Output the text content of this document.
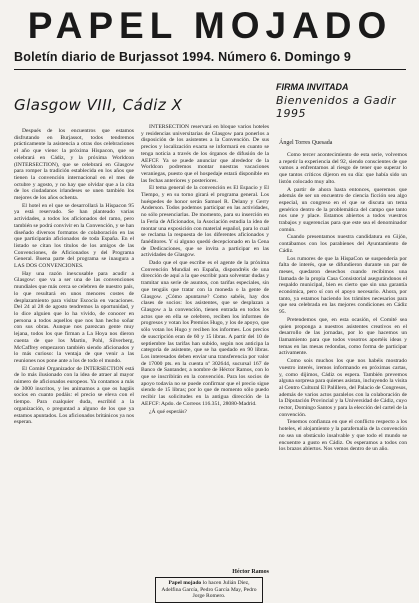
PAPEL MOJADO
Boletín diario de Burjassot 1994. Número 6. Domingo 9
Glasgow VIII, Cádiz X
FIRMA INVITADA
Bienvenidos a Gadir 1995
Ángel Torres Quesada

Después de los encuentros que estamos disfrutando en Burjassot, todos tendremos prácticamente la asistencia a otras dos celebraciones el año que viene: la próxima Hispacon, que se celebrará en Cádiz, y la próxima Worldcon (INTERSECTION), que se celebrará en Glasgow para romper la tradición establecida en los años que tienen la convención internacional en el mes de octubre y agosto, y no hay que olvidar que a la cita de los ciudadanos irlandeses se unen también los mejores de los años ochenta.

El hotel en el que se desarrollará la Hispacon 95 ya está reservado. Se han planteado varias actividades, a todos los aficionados del ramo, pero también se podrá convivir en la Convención, y se han diseñado diversos formatos de colaboración en las que participarán aficionados de toda España. En el listado se citan los títulos de los amigos de las Convenciones, de Aficionados y del Programa General. Buena parte del programa se inaugura a LAS DOS CONVENCIONES.

Hay una razón inexcusable para acudir a Glasgow: que va a ser una de las convenciones mundiales que más cerca se celebren de nuestro país, lo que resultará en unos menores costes de desplazamiento para visitar Escocia en vacaciones. Del 24 al 28 de agosto tendremos la oportunidad, y lo dice alguien que lo ha vivido, de conocer en persona a todos aquellos que nos han hecho soñar con sus obras. Aunque nos parezcan gente muy lejana, todos los que firman a La Hoya nos dieron cuenta de que los Martin, Pohl, Silverberg, McCaffrey empezaron también siendo aficionados y lo más curioso: la ventaja de que venir a las reuniones nos pone ante a los de todo el mundo.

El Comité Organizador de INTERSECTION está de lo más ilusionado con la idea de atraer al mayor número de aficionados europeos. Ya contamos a más de 3000 inscritos, y les animamos a que os hagáis socios en cuanto podáis: el precio se eleva con el tiempo. Para cualquier duda, escribid a la organización, o preguntad a alguno de los que ya estamos apuntados. Los aficionados británicos ya nos esperan.

INTERSECTION reservará en bloque varios hoteles y residencias universitarias de Glasgow para ponerlos a disposición de los asistentes a la Convención. De sus precios y localización exacta se informará en cuanto se tenga noticia a través de los órganos de difusión de la AEFCF. Ya se puede anunciar que alrededor de la Worldcon podremos montar nuestras vacaciones veraniegas, puesto que el hospedaje estará disponible en las fechas anteriores y posteriores.

El tema general de la convención es El Espacio y El Tiempo, y en su torno girará el programa general. Los huéspedes de honor serán Samuel R. Delany y Gerry Anderson. Todos podemos participar en las actividades, no sólo presenciarlas. De momento, para su inserción en la Feria de Aficionados, la Asociación estudia la idea de montar una exposición con material español, para lo cual se reclama la respuesta de los diferentes aficionados y fanéditores. Y si alguno quedó decepcionado en la Cena de Dedicaciones, que se invita a participar en las actividades de Glasgow.

Dado que el que escribe es el agente de la próxima Convención Mundial en España, dispondréis de una dirección de aquí a la que escribir para solventar dudas y tramitar una serie de asuntos, con tarifas especiales, sin que tengáis que tratar con la moneda o la gente de Glasgow. ¿Cómo apuntarse? Como sabéis, hay dos clases de socios: los asistentes, que se desplazan a Glasgow a la convención, tienen entrada en todos los actos que en ella se celebren, reciben los informes de progresos y votan los Premios Hugo, y los de apoyo, que sólo votan los Hugo y reciben los informes. Los precios de suscripción eran de 60 y 15 libras. A partir del 10 de septiembre las tarifas han subido, según nos anticipa la categoría de asistente, que se ha quedado en 90 libras. Los interesados deben enviar una transferencia por valor de 17000 pts. en la cuenta nº 302644, sucursal 167 de Banco de Santander, a nombre de Héctor Ramos, con lo que se inscribirán en la convención. Para los socios de apoyo todavía no se puede confirmar que el precio sigue siendo de 15 libras; por lo que de momento sólo puedo recibir las solicitudes en la antigua dirección de la AEFCF: Apdo. de Correos 116.351, 28080-Madrid.

¿Á qué esperáis?

Como tercer acontecimiento de esta serie, volvemos a repetir la experiencia del 92, siendo conscientes de que vamos a enfrentarnos al riesgo de tener que superar lo que tantos críticos dijeron en su día: que había sido un listón colocado muy alto.

A partir de ahora hasta entonces, queremos que además de ser un encuentro de ciencia ficción sea algo especial, un congreso en el que se discuta un tema genérico dentro de la problemática del campo que tanto nos une y place. Estamos abiertos a todos vuestros trabajos y sugerencias para que este sea el denominador común.

Cuando presentamos nuestra candidatura en Gijón, contábamos con los parabienes del Ayuntamiento de Cádiz.

Los rumores de que la HispaCon se suspendería por falta de interés, que se difundieron durante un par de meses, quedaron desechos cuando recibimos una llamada de la propia Casa Consistorial asegurándonos el respaldo municipal, bien es cierto que sin una garantía económica, pero sí con el apoyo necesario. Ahora, por tanto, ya estamos haciendo los trámites necesarios para que sea celebrada en las mejores condiciones en Cádiz 95.

Pretendemos que, en esta ocasión, el Comité sea quien proponga a nuestros asistentes creativos en el desarrollo de las jornadas, por lo que hacemos un llamamiento para que todos vosotros aportéis ideas y temas en las mesas redondas, como forma de participar activamente.

Como sois muchos los que nos habéis mostrado vuestro interés, iremos informando en próximas cartas, y, como dijimos, Cádiz os espera. También prevemos alguna sorpresa para quienes asistan, incluyendo la visita al Centro Cultural El Palillero, del Palacio de Congresos, además de varios actos paralelos con la colaboración de la Diputación Provincial y la Universidad de Cádiz, cuyo rector, Domingo Santos y para la elección del cartel de la convención.

Tenemos confianza en que el conflicto respecto a los hoteles, el alojamiento y la parafernalia de la convención no sea un obstáculo insalvable y que todo el mundo se encuentre a gusto en Cádiz. Os esperamos a todos con los brazos abiertos. Nos vemos dentro de un año.

Héctor Ramos
Papel mojado lo hacen Julián Díez, Adelfina García, Pedro García May, Pedro Jorge Romero.
